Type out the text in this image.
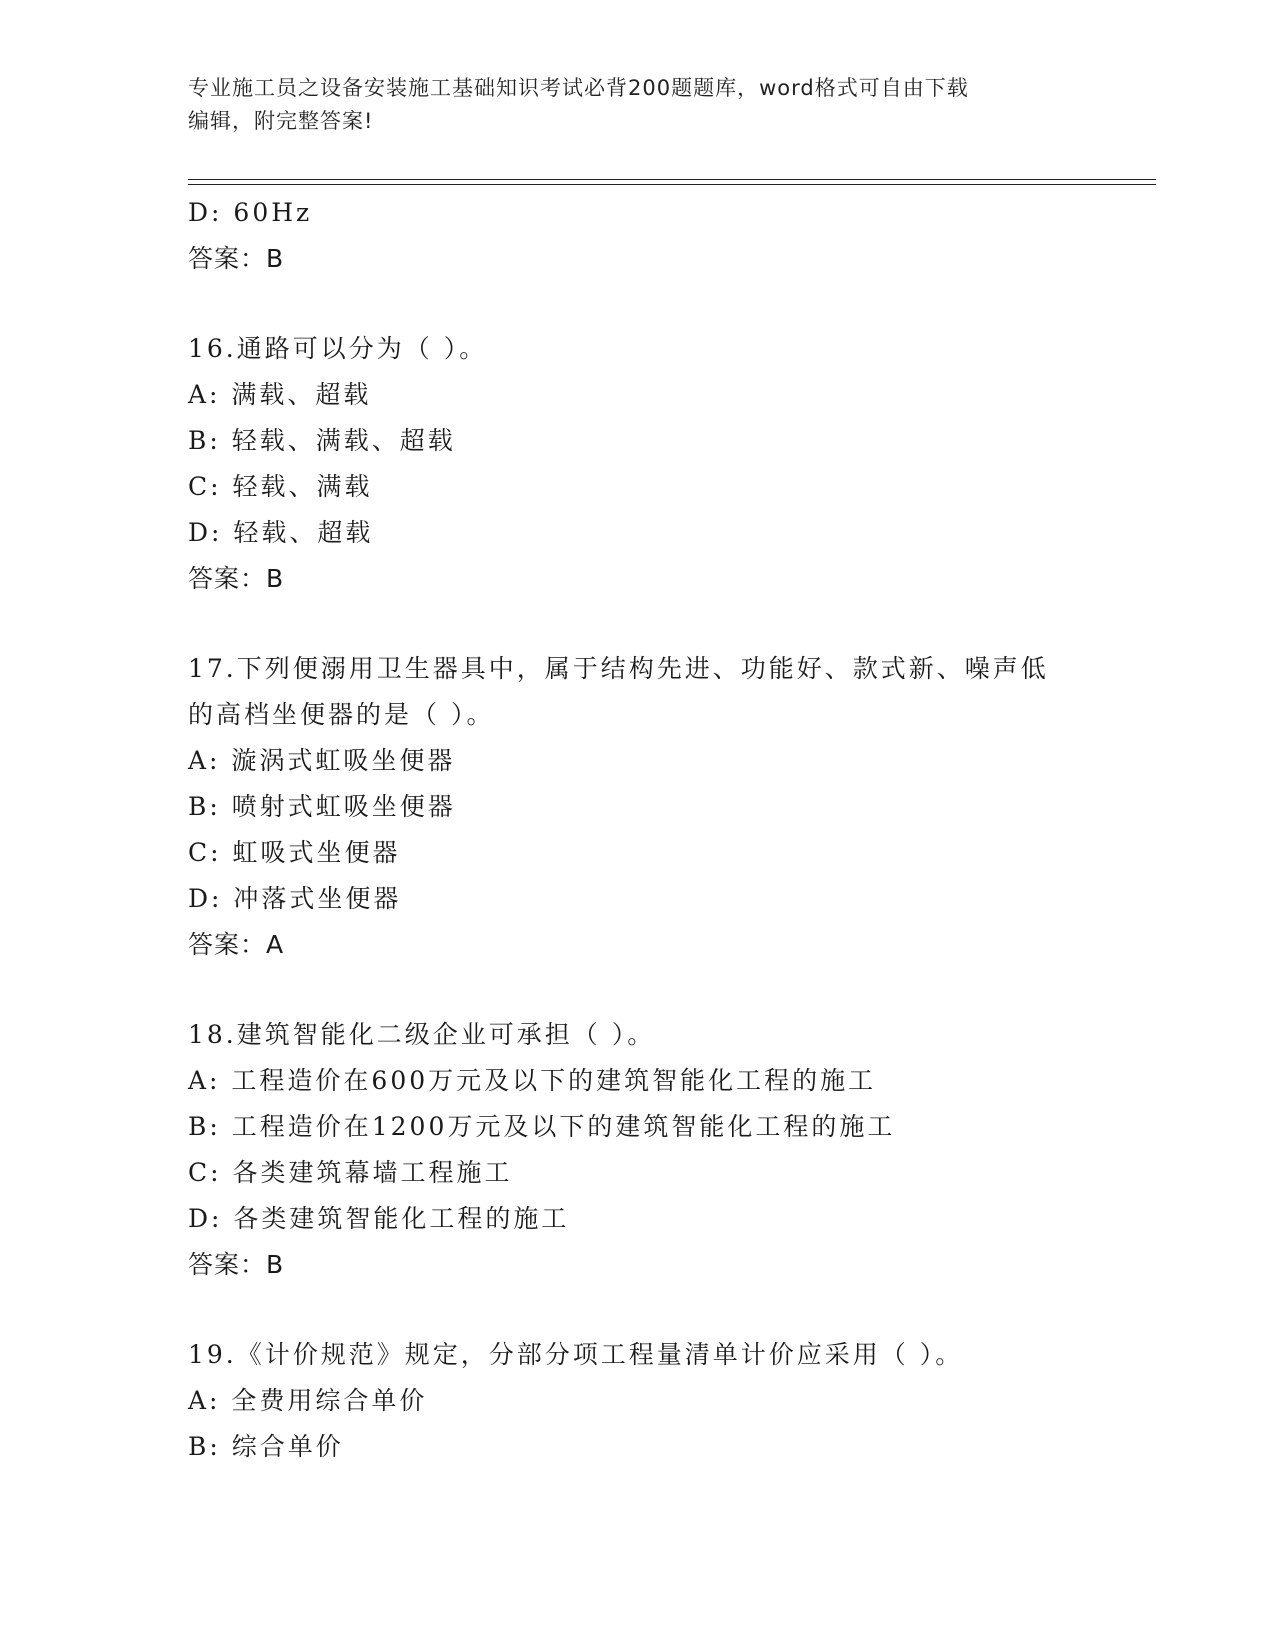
专业施工员之设备安装施工基础知识考试必背200题题库，word格式可自由下载
编辑，附完整答案!
D: 60Hz
答案：B
16.通路可以分为（ ）。
A: 满载、超载
B: 轻载、满载、超载
C: 轻载、满载
D: 轻载、超载
答案：B
17.下列便溺用卫生器具中，属于结构先进、功能好、款式新、噪声低
的高档坐便器的是（ ）。
A: 漩涡式虹吸坐便器
B: 喷射式虹吸坐便器
C: 虹吸式坐便器
D: 冲落式坐便器
答案：A
18.建筑智能化二级企业可承担（ ）。
A: 工程造价在600万元及以下的建筑智能化工程的施工
B: 工程造价在1200万元及以下的建筑智能化工程的施工
C: 各类建筑幕墙工程施工
D: 各类建筑智能化工程的施工
答案：B
19.《计价规范》规定，分部分项工程量清单计价应采用（ ）。
A: 全费用综合单价
B: 综合单价
